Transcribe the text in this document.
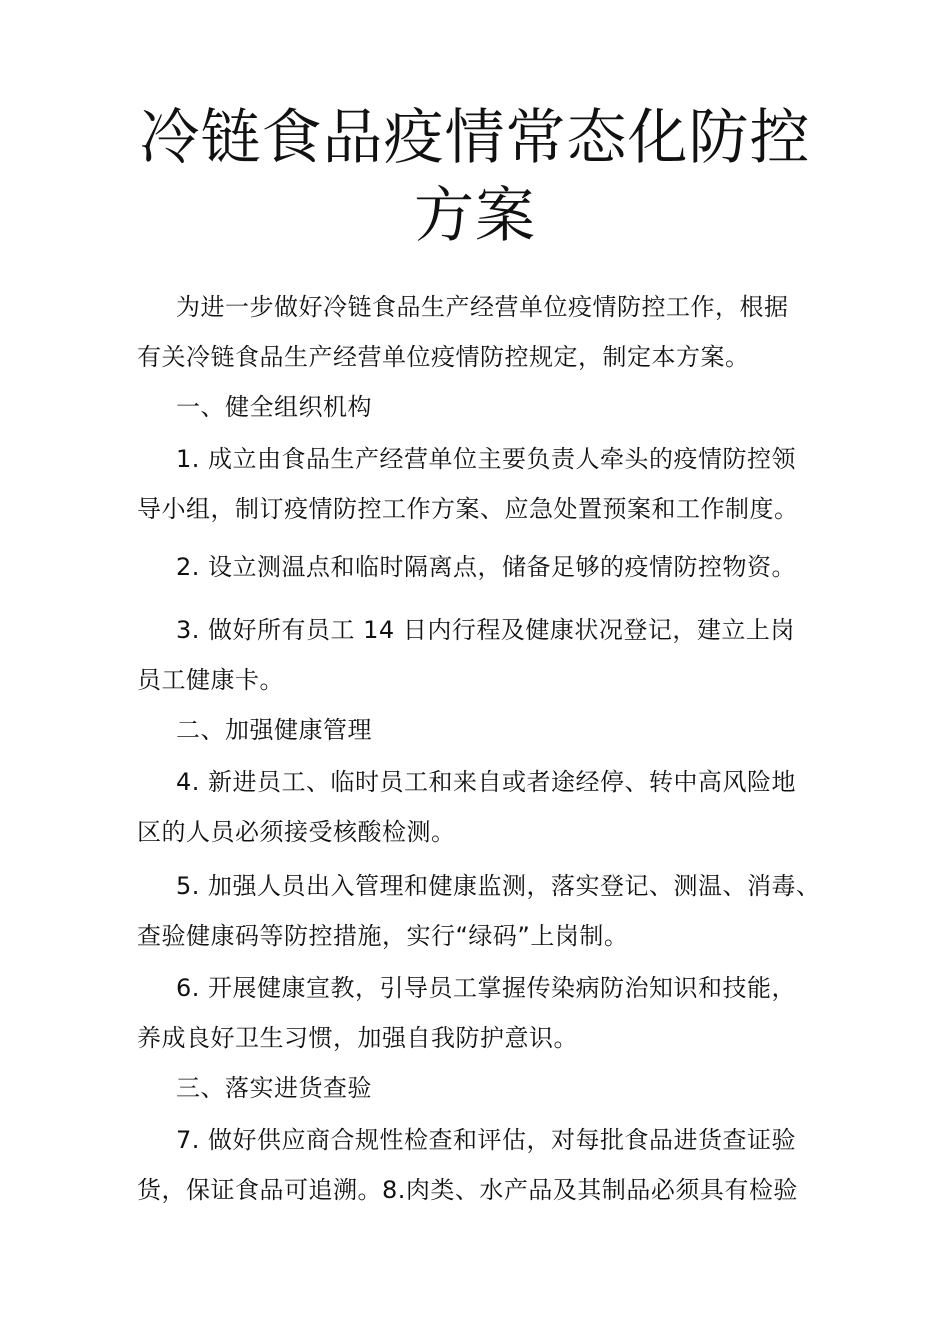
冷链食品疫情常态化防控
方案
为进一步做好冷链食品生产经营单位疫情防控工作，根据
有关冷链食品生产经营单位疫情防控规定，制定本方案。
一、健全组织机构
1. 成立由食品生产经营单位主要负责人牵头的疫情防控领
导小组，制订疫情防控工作方案、应急处置预案和工作制度。
2. 设立测温点和临时隔离点，储备足够的疫情防控物资。
3. 做好所有员工 14 日内行程及健康状况登记，建立上岗
员工健康卡。
二、加强健康管理
4. 新进员工、临时员工和来自或者途经停、转中高风险地
区的人员必须接受核酸检测。
5. 加强人员出入管理和健康监测，落实登记、测温、消毒、
查验健康码等防控措施，实行“绿码”上岗制。
6. 开展健康宣教，引导员工掌握传染病防治知识和技能，
养成良好卫生习惯，加强自我防护意识。
三、落实进货查验
7. 做好供应商合规性检查和评估，对每批食品进货查证验
货，保证食品可追溯。8.肉类、水产品及其制品必须具有检验
